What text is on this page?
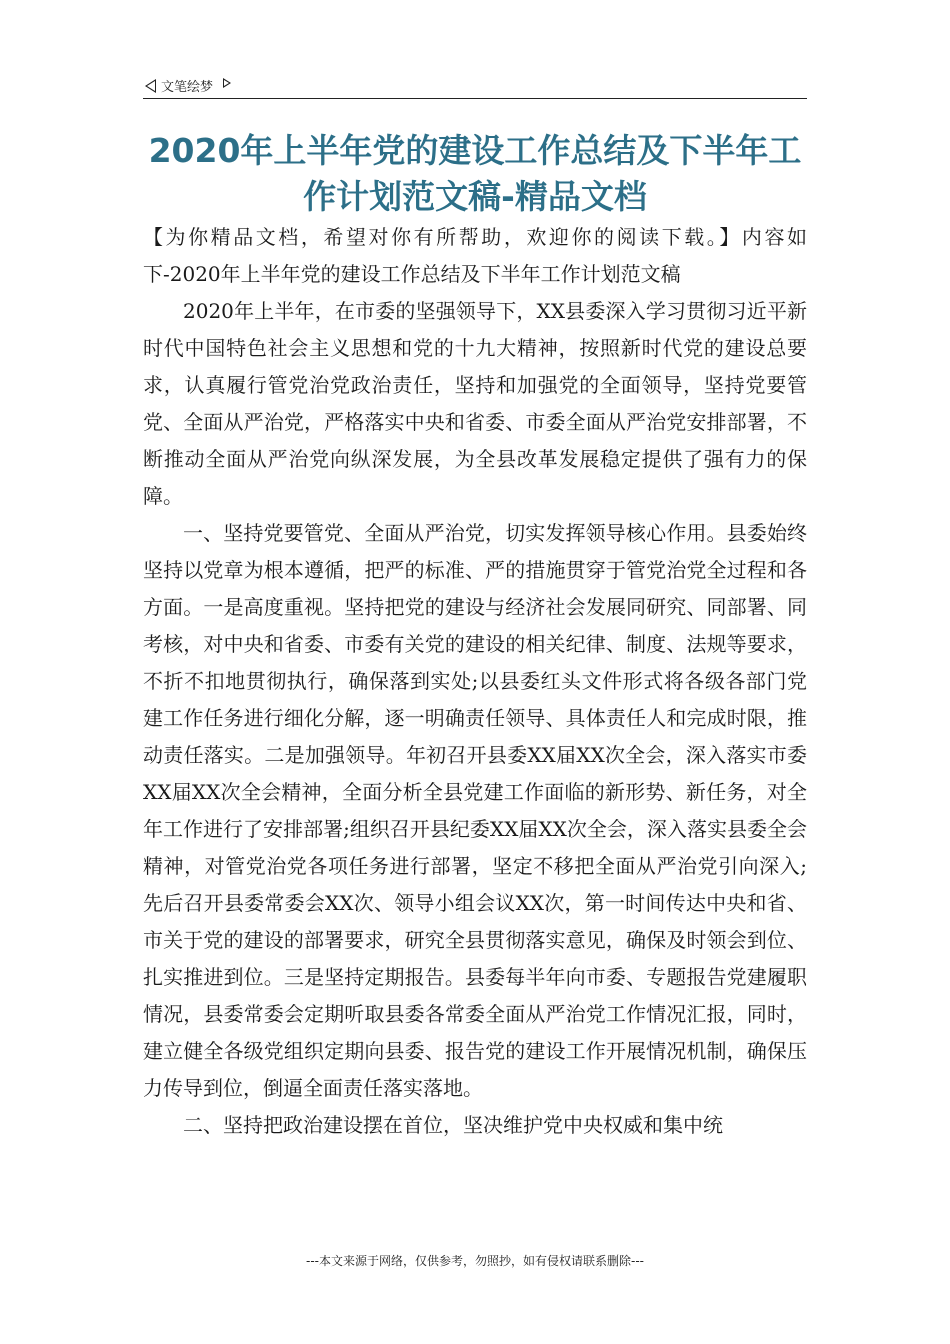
文笔绘梦
2020年上半年党的建设工作总结及下半年工作计划范文稿-精品文档

【为你精品文档，希望对你有所帮助，欢迎你的阅读下载。】内容如下-2020年上半年党的建设工作总结及下半年工作计划范文稿

2020年上半年，在市委的坚强领导下，XX县委深入学习贯彻习近平新时代中国特色社会主义思想和党的十九大精神，按照新时代党的建设总要求，认真履行管党治党政治责任，坚持和加强党的全面领导，坚持党要管党、全面从严治党，严格落实中央和省委、市委全面从严治党安排部署，不断推动全面从严治党向纵深发展，为全县改革发展稳定提供了强有力的保障。

一、坚持党要管党、全面从严治党，切实发挥领导核心作用。县委始终坚持以党章为根本遵循，把严的标准、严的措施贯穿于管党治党全过程和各方面。一是高度重视。坚持把党的建设与经济社会发展同研究、同部署、同考核，对中央和省委、市委有关党的建设的相关纪律、制度、法规等要求，不折不扣地贯彻执行，确保落到实处;以县委红头文件形式将各级各部门党建工作任务进行细化分解，逐一明确责任领导、具体责任人和完成时限，推动责任落实。二是加强领导。年初召开县委XX届XX次全会，深入落实市委XX届XX次全会精神，全面分析全县党建工作面临的新形势、新任务，对全年工作进行了安排部署;组织召开县纪委XX届XX次全会，深入落实县委全会精神，对管党治党各项任务进行部署，坚定不移把全面从严治党引向深入;先后召开县委常委会XX次、领导小组会议XX次，第一时间传达中央和省、市关于党的建设的部署要求，研究全县贯彻落实意见，确保及时领会到位、扎实推进到位。三是坚持定期报告。县委每半年向市委、专题报告党建履职情况，县委常委会定期听取县委各常委全面从严治党工作情况汇报，同时，建立健全各级党组织定期向县委、报告党的建设工作开展情况机制，确保压力传导到位，倒逼全面责任落实落地。

二、坚持把政治建设摆在首位，坚决维护党中央权威和集中统

---本文来源于网络，仅供参考，勿照抄，如有侵权请联系删除---
